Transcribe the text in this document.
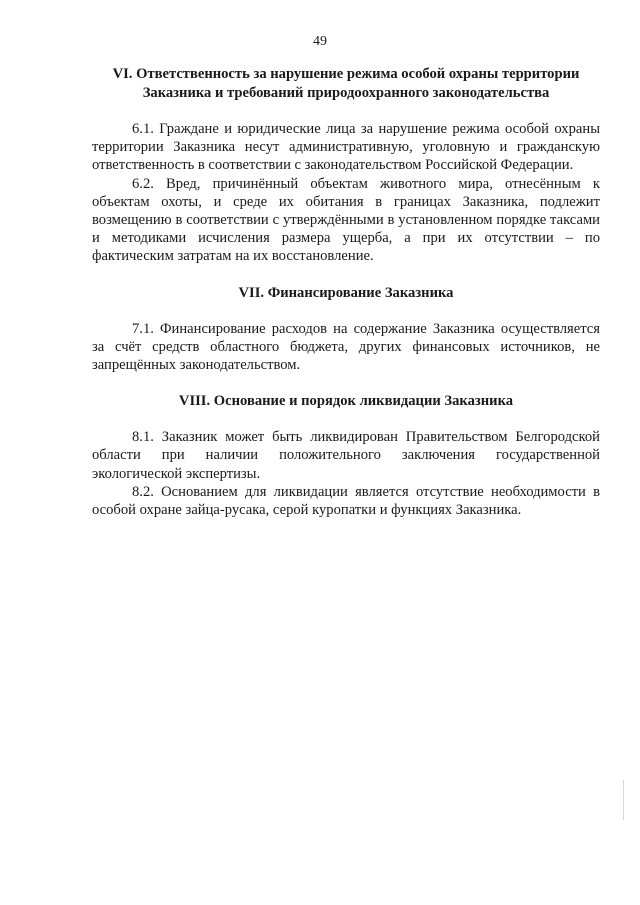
49
VI. Ответственность за нарушение режима особой охраны территории
Заказника и требований природоохранного законодательства

6.1. Граждане и юридические лица за нарушение режима особой охраны территории Заказника несут административную, уголовную и гражданскую ответственность в соответствии с законодательством Российской Федерации.

6.2. Вред, причинённый объектам животного мира, отнесённым к объектам охоты, и среде их обитания в границах Заказника, подлежит возмещению в соответствии с утверждёнными в установленном порядке таксами и методиками исчисления размера ущерба, а при их отсутствии – по фактическим затратам на их восстановление.

VII. Финансирование Заказника

7.1. Финансирование расходов на содержание Заказника осуществляется за счёт средств областного бюджета, других финансовых источников, не запрещённых законодательством.

VIII. Основание и порядок ликвидации Заказника

8.1. Заказник может быть ликвидирован Правительством Белгородской области при наличии положительного заключения государственной экологической экспертизы.

8.2. Основанием для ликвидации является отсутствие необходимости в особой охране зайца-русака, серой куропатки и функциях Заказника.
